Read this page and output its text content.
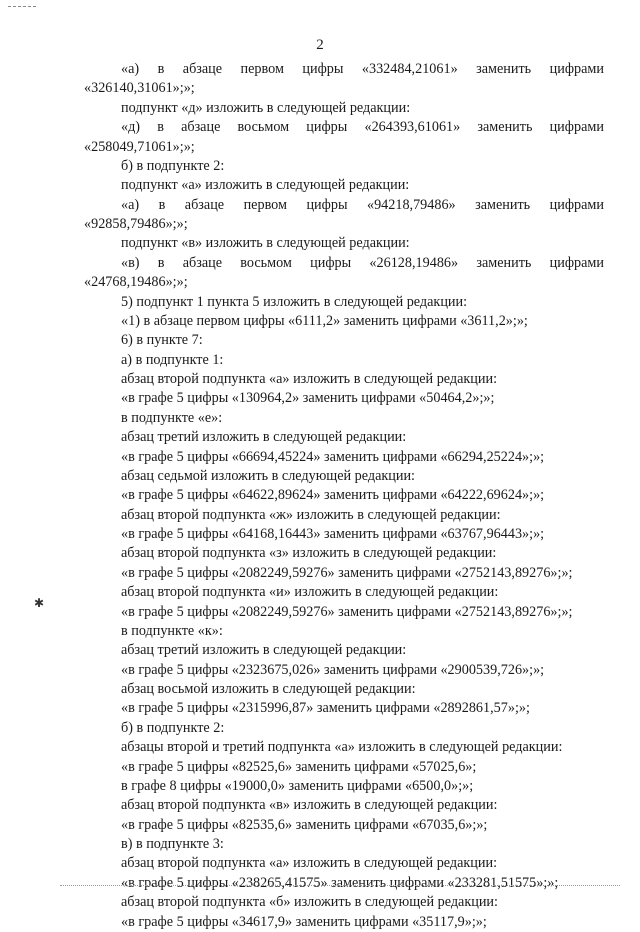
2
«а) в абзаце первом цифры «332484,21061» заменить цифрами
«326140,31061»;»;
подпункт «д» изложить в следующей редакции:
«д) в абзаце восьмом цифры «264393,61061» заменить цифрами
«258049,71061»;»;
б) в подпункте 2:
подпункт «а» изложить в следующей редакции:
«а) в абзаце первом цифры «94218,79486» заменить цифрами
«92858,79486»;»;
подпункт «в» изложить в следующей редакции:
«в) в абзаце восьмом цифры «26128,19486» заменить цифрами
«24768,19486»;»;
5) подпункт 1 пункта 5 изложить в следующей редакции:
«1) в абзаце первом цифры «6111,2» заменить цифрами «3611,2»;»;
6) в пункте 7:
а) в подпункте 1:
абзац второй подпункта «а» изложить в следующей редакции:
«в графе 5 цифры «130964,2» заменить цифрами «50464,2»;»;
в подпункте «е»:
абзац третий изложить в следующей редакции:
«в графе 5 цифры «66694,45224» заменить цифрами «66294,25224»;»;
абзац седьмой изложить в следующей редакции:
«в графе 5 цифры «64622,89624» заменить цифрами «64222,69624»;»;
абзац второй подпункта «ж» изложить в следующей редакции:
«в графе 5 цифры «64168,16443» заменить цифрами «63767,96443»;»;
абзац второй подпункта «з» изложить в следующей редакции:
«в графе 5 цифры «2082249,59276» заменить цифрами «2752143,89276»;»;
абзац второй подпункта «и» изложить в следующей редакции:
«в графе 5 цифры «2082249,59276» заменить цифрами «2752143,89276»;»;
в подпункте «к»:
абзац третий изложить в следующей редакции:
«в графе 5 цифры «2323675,026» заменить цифрами «2900539,726»;»;
абзац восьмой изложить в следующей редакции:
«в графе 5 цифры «2315996,87» заменить цифрами «2892861,57»;»;
б) в подпункте 2:
абзацы второй и третий подпункта «а» изложить в следующей редакции:
«в графе 5 цифры «82525,6» заменить цифрами «57025,6»;
в графе 8 цифры «19000,0» заменить цифрами «6500,0»;»;
абзац второй подпункта «в» изложить в следующей редакции:
«в графе 5 цифры «82535,6» заменить цифрами «67035,6»;»;
в) в подпункте 3:
абзац второй подпункта «а» изложить в следующей редакции:
«в графе 5 цифры «238265,41575» заменить цифрами «233281,51575»;»;
абзац второй подпункта «б» изложить в следующей редакции:
«в графе 5 цифры «34617,9» заменить цифрами «35117,9»;»;
✱
